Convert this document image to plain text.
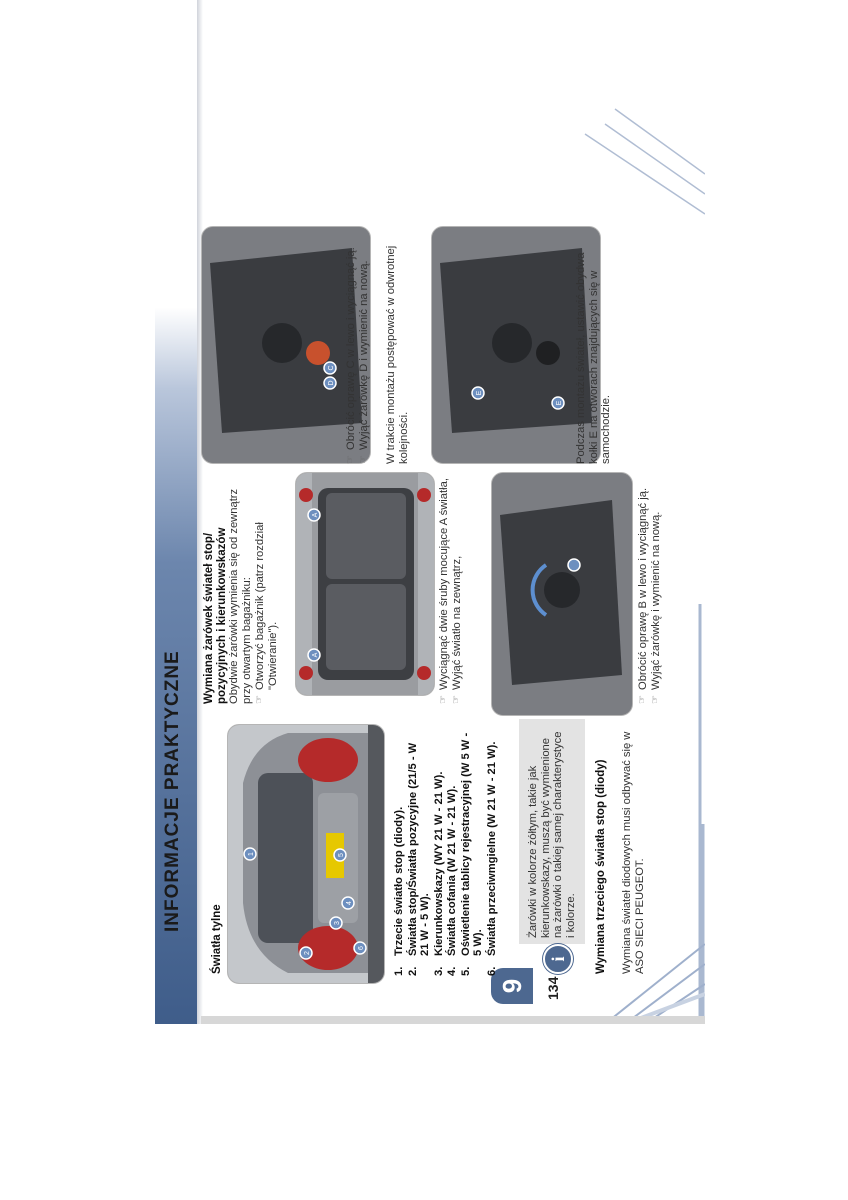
INFORMACJE PRAKTYCZNE
9	134
Światła tylne
1
2
3
4
5
6
1.
Trzecie światło stop (diody).
2.
Światła stop/Światła pozycyjne (21/5 - W 21 W - 5 W).
3.
Kierunkowskazy (WY 21 W - 21 W).
4.
Światła cofania (W 21 W - 21 W).
5.
Oświetlenie tablicy rejestracyjnej (W 5 W - 5 W).
6.
Światła przeciwmgielne (W 21 W - 21 W).
i

Żarówki w kolorze żółtym, takie jak kierunkowskazy, muszą być wymienione na żarówki o takiej samej charakterystyce i kolorze. Wymiana trzeciego światła stop (diody) Wymiana świateł diodowych musi odbywać się w ASO SIECI PEUGEOT.

Wymiana żarówek świateł stop/ pozycyjnych i kierunkowskazów Obydwie żarówki wymienia się od zewnątrz przy otwartym bagażniku: ☞
Otworzyć bagażnik (patrz rozdział "Otwieranie").	A
A
☞
Wyciągnąć dwie śruby mocujące A światła,
☞
Wyjąć światło na zewnątrz,
☞
Obrócić oprawę B w lewo i wyciągnąć ją.
☞
Wyjąć żarówkę i wymienić na nową.
C
D
☞
Obrócić oprawę C w lewo i wyciągnąć ją.
☞
Wyjąć żarówkę D i wymienić na nową. W trakcie montażu postępować w odwrotnej kolejności.

E
E	Podczas montażu świateł, ustawić obydwa kołki E na otworach znajdujących się w samochodzie.
